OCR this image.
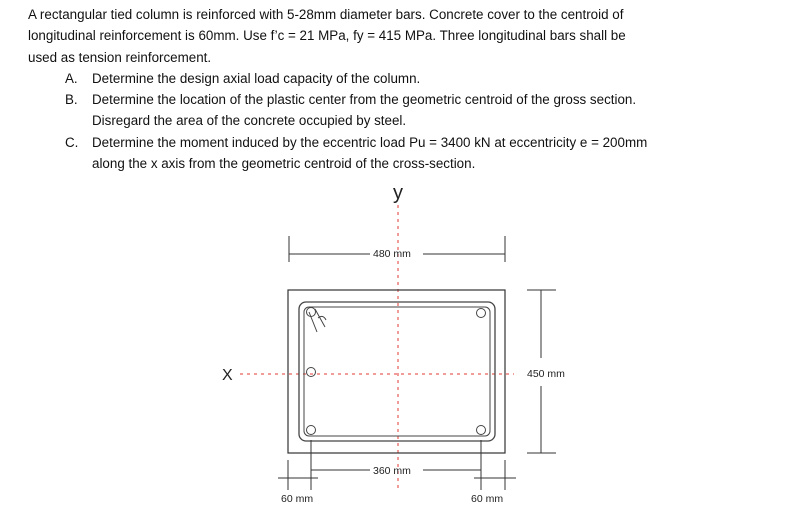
A rectangular tied column is reinforced with 5-28mm diameter bars. Concrete cover to the centroid of
longitudinal reinforcement is 60mm. Use f’c = 21 MPa, fy = 415 MPa. Three longitudinal bars shall be
used as tension reinforcement.

A. Determine the design axial load capacity of the column.
B. Determine the location of the plastic center from the geometric centroid of the gross section.
Disregard the area of the concrete occupied by steel.
C. Determine the moment induced by the eccentric load Pu = 3400 kN at eccentricity e = 200mm
along the x axis from the geometric centroid of the cross-section.
y
X
480 mm
450 mm
360 mm
60 mm	60 mm
